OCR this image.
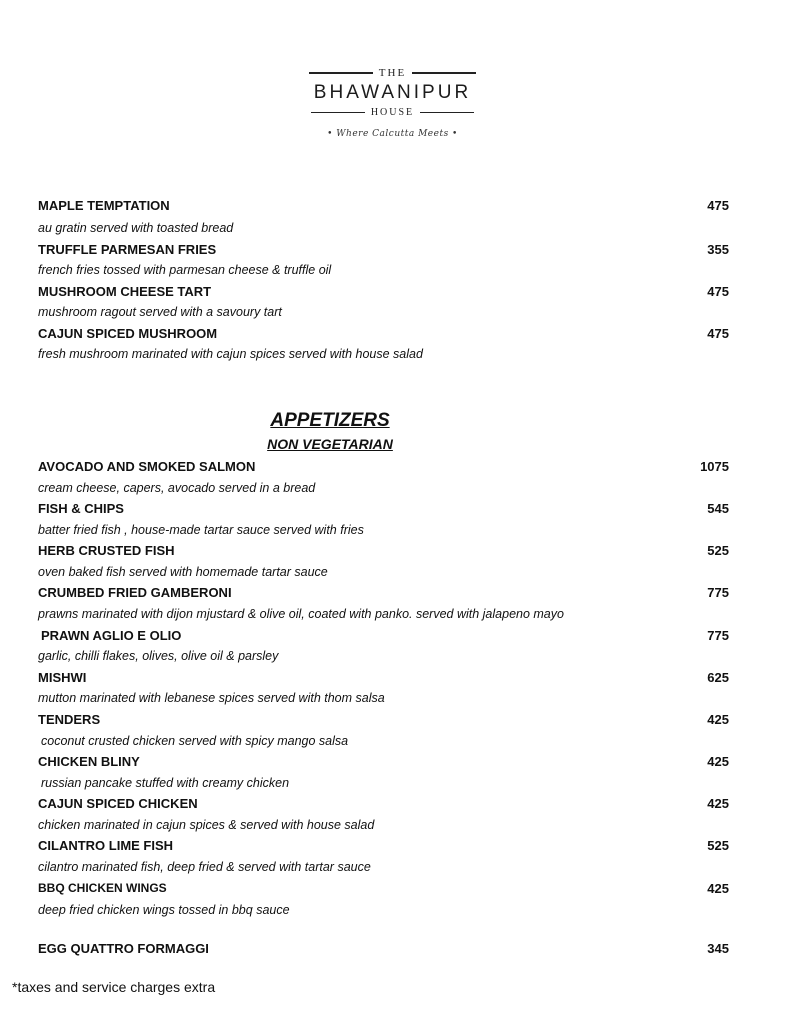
THE
BHAWANIPUR
HOUSE
• Where Calcutta Meets •
MAPLE TEMPTATION	475
au gratin served with toasted bread
TRUFFLE PARMESAN FRIES	355
french fries tossed with parmesan cheese & truffle oil
MUSHROOM CHEESE TART	475
mushroom ragout served with a savoury tart
CAJUN SPICED MUSHROOM	475
fresh mushroom marinated with cajun spices served with house salad
APPETIZERS
NON VEGETARIAN
AVOCADO AND SMOKED SALMON	1075
cream cheese, capers, avocado served in a bread
FISH & CHIPS	545
batter fried fish , house-made tartar sauce served with fries
HERB CRUSTED FISH	525
oven baked fish served with homemade tartar sauce
CRUMBED FRIED GAMBERONI	775
prawns marinated with dijon mjustard & olive oil, coated with panko. served with jalapeno mayo
PRAWN AGLIO E OLIO	775
garlic, chilli flakes, olives, olive oil & parsley
MISHWI	625
mutton marinated with lebanese spices served with thom salsa
TENDERS	425
coconut crusted chicken served with spicy mango salsa
CHICKEN BLINY	425
russian pancake stuffed with creamy chicken
CAJUN SPICED CHICKEN	425
chicken marinated in cajun spices & served with house salad
CILANTRO LIME FISH	525
cilantro marinated fish, deep fried & served with tartar sauce
BBQ CHICKEN WINGS	425
deep fried chicken wings tossed in bbq sauce
EGG QUATTRO FORMAGGI	345
*taxes and service charges extra
